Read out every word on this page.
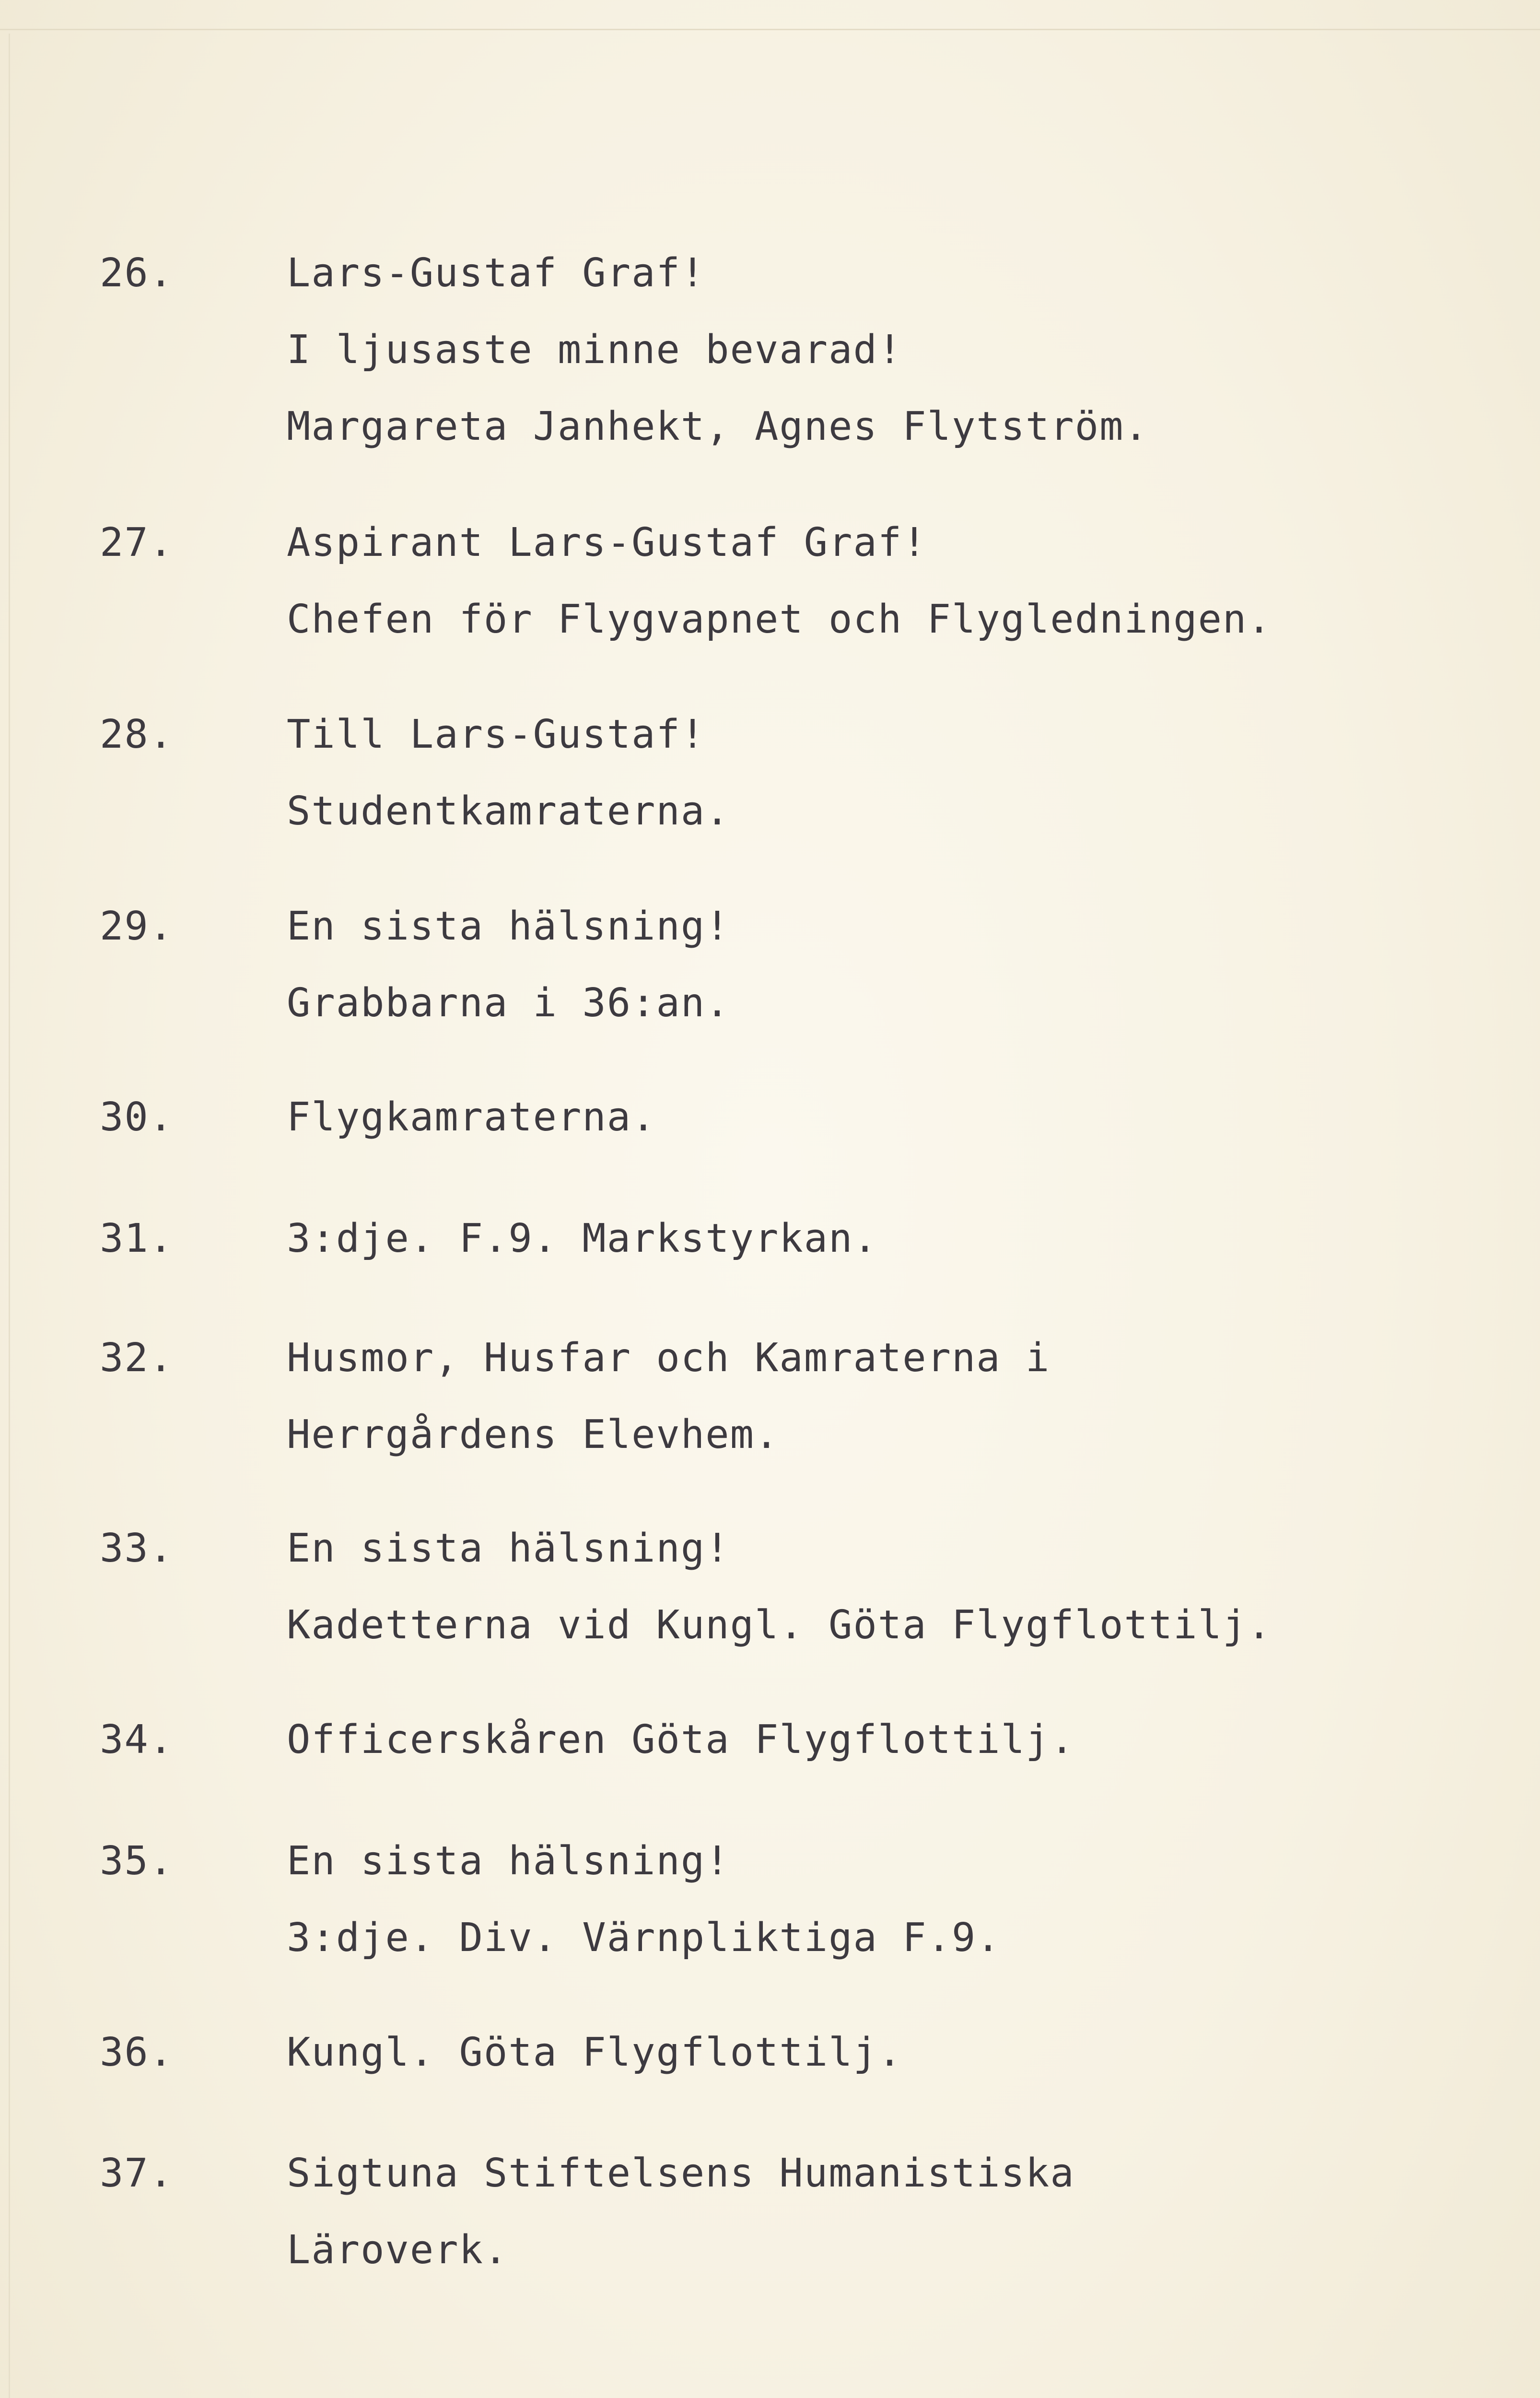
26.	Lars-Gustaf Graf!
I ljusaste minne bevarad!
Margareta Janhekt, Agnes Flytström.
27.	Aspirant Lars-Gustaf Graf!
Chefen för Flygvapnet och Flygledningen.
28.	Till Lars-Gustaf!
Studentkamraterna.
29.	En sista hälsning!
Grabbarna i 36:an.
30.	Flygkamraterna.
31.	3:dje. F.9. Markstyrkan.
32.	Husmor, Husfar och Kamraterna i
Herrgårdens Elevhem.
33.	En sista hälsning!
Kadetterna vid Kungl. Göta Flygflottilj.
34.	Officerskåren Göta Flygflottilj.
35.	En sista hälsning!
3:dje. Div. Värnpliktiga F.9.
36.	Kungl. Göta Flygflottilj.
37.	Sigtuna Stiftelsens Humanistiska
Läroverk.
